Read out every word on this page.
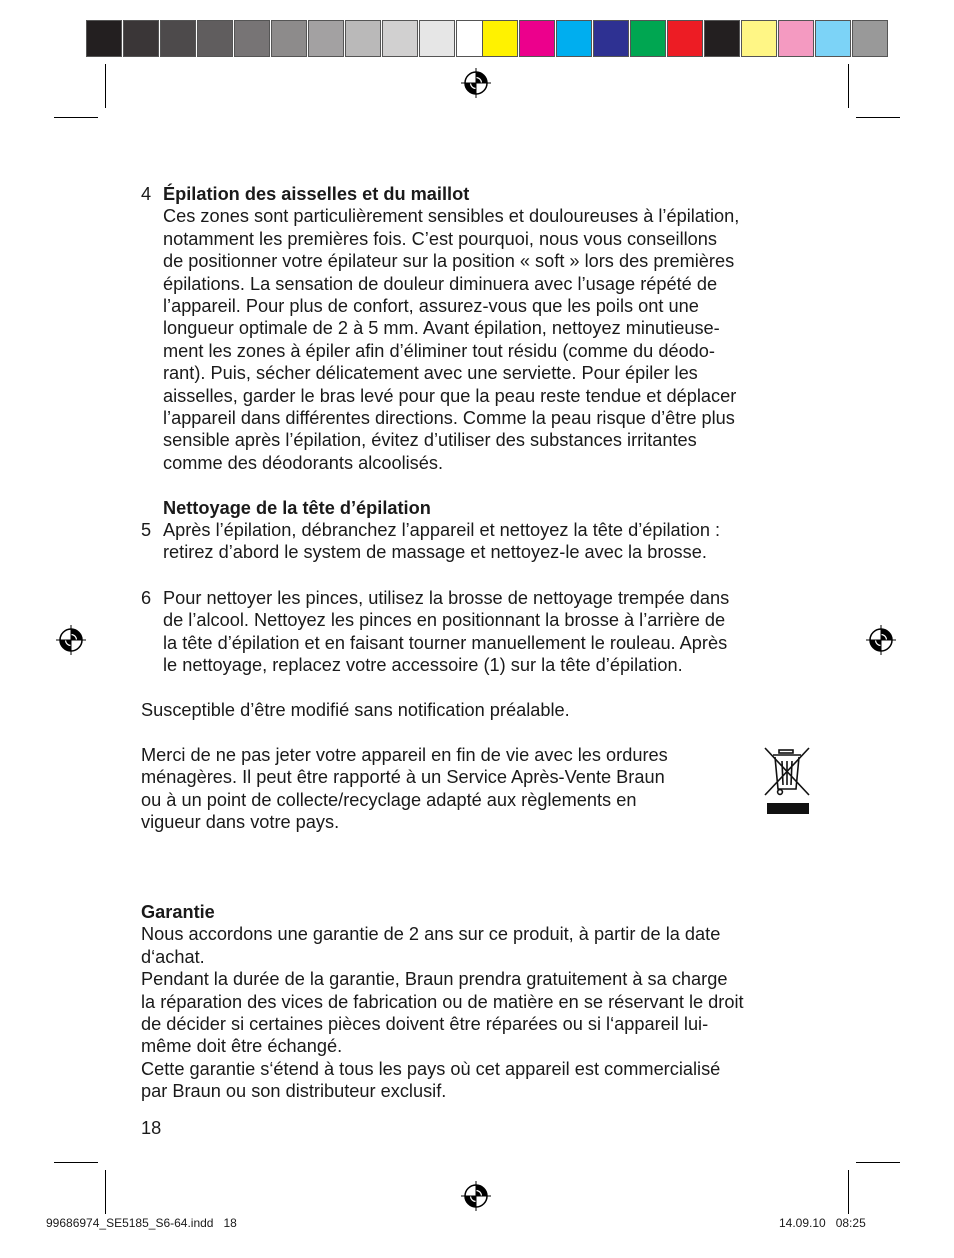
4 Épilation des aisselles et du maillot

Ces zones sont particulièrement sensibles et douloureuses à l’épilation,

notamment les premières fois. C’est pourquoi, nous vous conseillons

de positionner votre épilateur sur la position « soft » lors des premières

épilations. La sensation de douleur diminuera avec l’usage répété de

l’appareil. Pour plus de confort, assurez-vous que les poils ont une

longueur optimale de 2 à 5 mm. Avant épilation, nettoyez minutieuse-

ment les zones à épiler afin d’éliminer tout résidu (comme du déodo-

rant). Puis, sécher délicatement avec une serviette. Pour épiler les

aisselles, garder le bras levé pour que la peau reste tendue et déplacer

l’appareil dans différentes directions. Comme la peau risque d’être plus

sensible après l’épilation, évitez d’utiliser des substances irritantes

comme des déodorants alcoolisés.

Nettoyage de la tête d’épilation
5 Après l’épilation, débranchez l’appareil et nettoyez la tête d’épilation :

retirez d’abord le system de massage et nettoyez-le avec la brosse.

6 Pour nettoyer les pinces, utilisez la brosse de nettoyage trempée dans

de l’alcool. Nettoyez les pinces en positionnant la brosse à l’arrière de

la tête d’épilation et en faisant tourner manuellement le rouleau. Après

le nettoyage, replacez votre accessoire (1) sur la tête d’épilation.

Susceptible d’être modifié sans notification préalable.

Merci de ne pas jeter votre appareil en fin de vie avec les ordures

ménagères. Il peut être rapporté à un Service Après-Vente Braun

ou à un point de collecte/recyclage adapté aux règlements en

vigueur dans votre pays.

Garantie

Nous accordons une garantie de 2 ans sur ce produit, à partir de la date

d‘achat.

Pendant la durée de la garantie, Braun prendra gratuitement à sa charge

la réparation des vices de fabrication ou de matière en se réservant le droit

de décider si certaines pièces doivent être réparées ou si l‘appareil lui-

même doit être échangé.

Cette garantie s‘étend à tous les pays où cet appareil est commercialisé

par Braun ou son distributeur exclusif.

18
99686974_SE5185_S6-64.indd   18	14.09.10   08:25
